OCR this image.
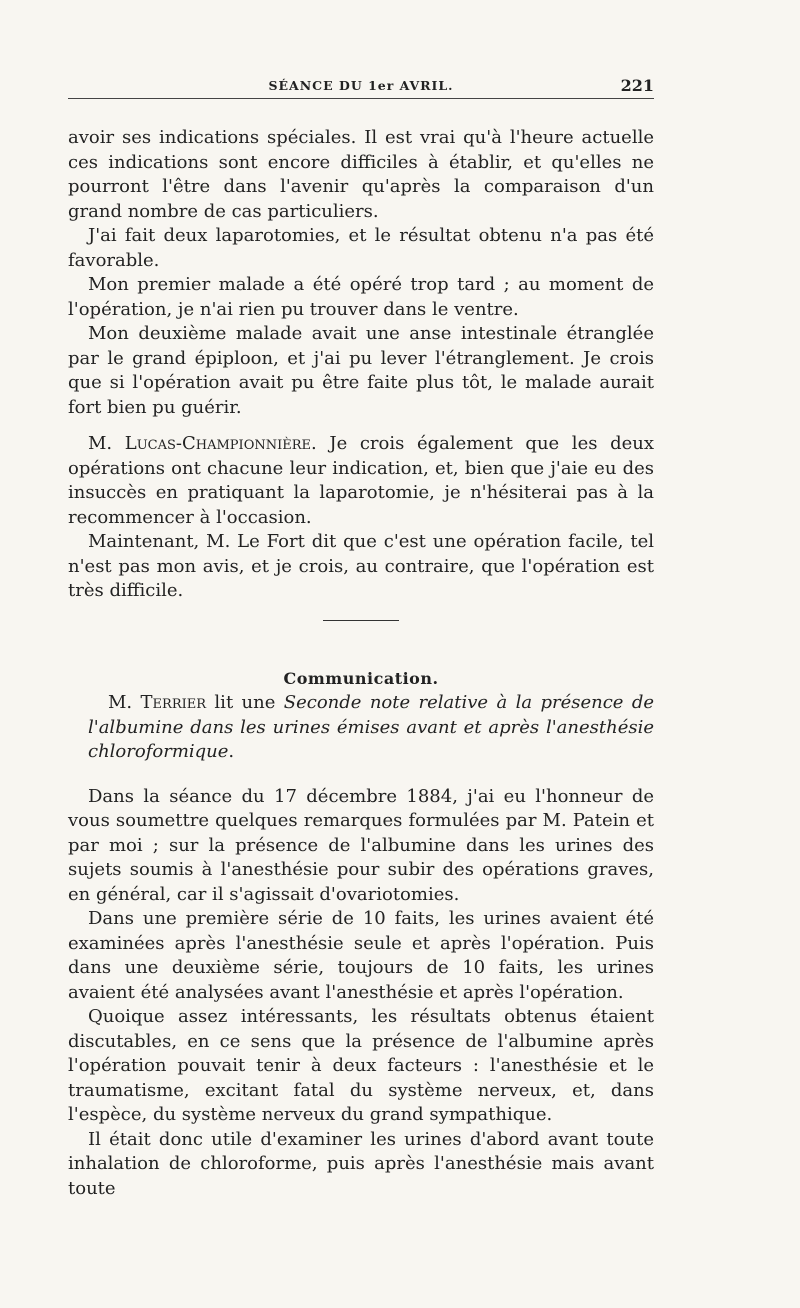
SÉANCE DU 1er AVRIL.	221

avoir ses indications spéciales. Il est vrai qu'à l'heure actuelle ces indications sont encore difficiles à établir, et qu'elles ne pourront l'être dans l'avenir qu'après la comparaison d'un grand nombre de cas particuliers.

J'ai fait deux laparotomies, et le résultat obtenu n'a pas été favorable.

Mon premier malade a été opéré trop tard ; au moment de l'opération, je n'ai rien pu trouver dans le ventre.

Mon deuxième malade avait une anse intestinale étranglée par le grand épiploon, et j'ai pu lever l'étranglement. Je crois que si l'opération avait pu être faite plus tôt, le malade aurait fort bien pu guérir.

M. Lucas-Championnière. Je crois également que les deux opérations ont chacune leur indication, et, bien que j'aie eu des insuccès en pratiquant la laparotomie, je n'hésiterai pas à la recommencer à l'occasion.

Maintenant, M. Le Fort dit que c'est une opération facile, tel n'est pas mon avis, et je crois, au contraire, que l'opération est très difficile.

Communication.

M. Terrier lit une Seconde note relative à la présence de l'albumine dans les urines émises avant et après l'anesthésie chloroformique.

Dans la séance du 17 décembre 1884, j'ai eu l'honneur de vous soumettre quelques remarques formulées par M. Patein et par moi ; sur la présence de l'albumine dans les urines des sujets soumis à l'anesthésie pour subir des opérations graves, en général, car il s'agissait d'ovariotomies.

Dans une première série de 10 faits, les urines avaient été examinées après l'anesthésie seule et après l'opération. Puis dans une deuxième série, toujours de 10 faits, les urines avaient été analysées avant l'anesthésie et après l'opération.

Quoique assez intéressants, les résultats obtenus étaient discutables, en ce sens que la présence de l'albumine après l'opération pouvait tenir à deux facteurs : l'anesthésie et le traumatisme, excitant fatal du système nerveux, et, dans l'espèce, du système nerveux du grand sympathique.

Il était donc utile d'examiner les urines d'abord avant toute inhalation de chloroforme, puis après l'anesthésie mais avant toute
